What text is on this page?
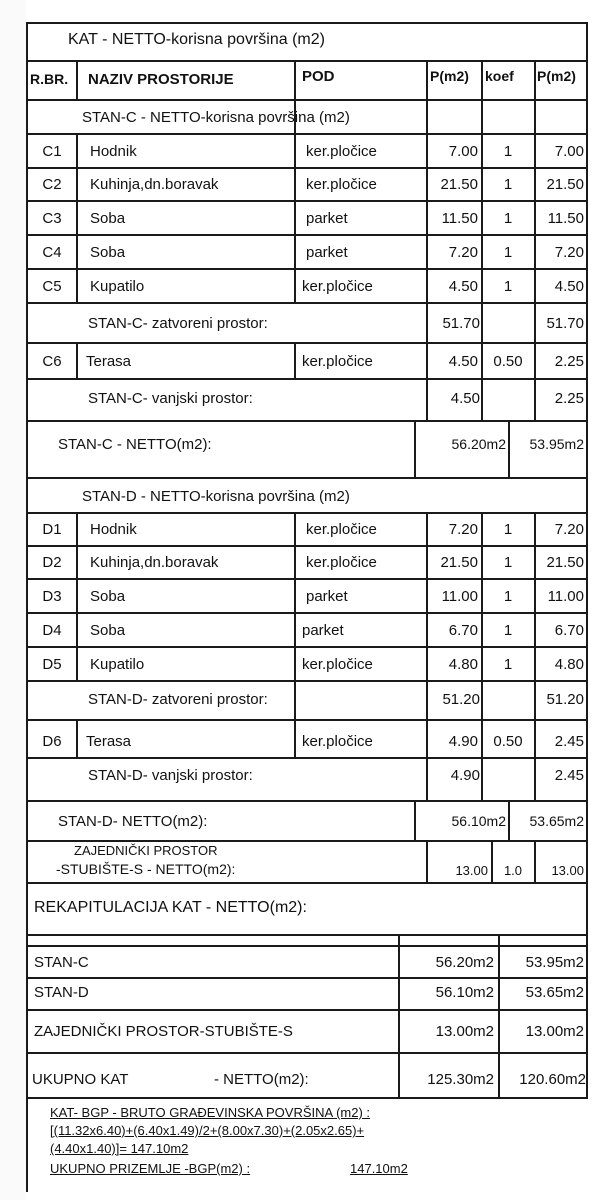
KAT - NETTO-korisna površina (m2)
R.BR. NAZIV PROSTORIJE	POD	P(m2) koef P(m2)
STAN-C - NETTO-korisna površina (m2)
C1	Hodnik	ker.pločice	7.00	1	7.00
C2	Kuhinja,dn.boravak	ker.pločice	21.50	1	21.50
C3	Soba	parket	11.50	1	11.50
C4	Soba	parket	7.20	1	7.20
C5	Kupatilo	ker.pločice	4.50	1	4.50
STAN-C- zatvoreni prostor:	51.70	51.70
C6	Terasa	ker.pločice	4.50	0.50	2.25
STAN-C- vanjski prostor:	4.50	2.25
STAN-C - NETTO(m2):	56.20m2	53.95m2
STAN-D - NETTO-korisna površina (m2)
D1	Hodnik	ker.pločice	7.20	1	7.20
D2	Kuhinja,dn.boravak	ker.pločice	21.50	1	21.50
D3	Soba	parket	11.00	1	11.00
D4	Soba	parket	6.70	1	6.70
D5	Kupatilo	ker.pločice	4.80	1	4.80
STAN-D- zatvoreni prostor:	51.20	51.20
D6	Terasa	ker.pločice	4.90	0.50	2.45
STAN-D- vanjski prostor:	4.90	2.45
STAN-D- NETTO(m2):	56.10m2	53.65m2
ZAJEDNIČKI PROSTOR
-STUBIŠTE-S - NETTO(m2):	13.00	1.0	13.00
REKAPITULACIJA KAT - NETTO(m2):
STAN-C	56.20m2	53.95m2
STAN-D	56.10m2	53.65m2
ZAJEDNIČKI PROSTOR-STUBIŠTE-S	13.00m2	13.00m2
UKUPNO KAT	- NETTO(m2):	125.30m2	120.60m2
KAT- BGP - BRUTO GRAĐEVINSKA POVRŠINA (m2) :
[(11.32x6.40)+(6.40x1.49)/2+(8.00x7.30)+(2.05x2.65)+
(4.40x1.40)]= 147.10m2
UKUPNO PRIZEMLJE -BGP(m2) :	147.10m2
